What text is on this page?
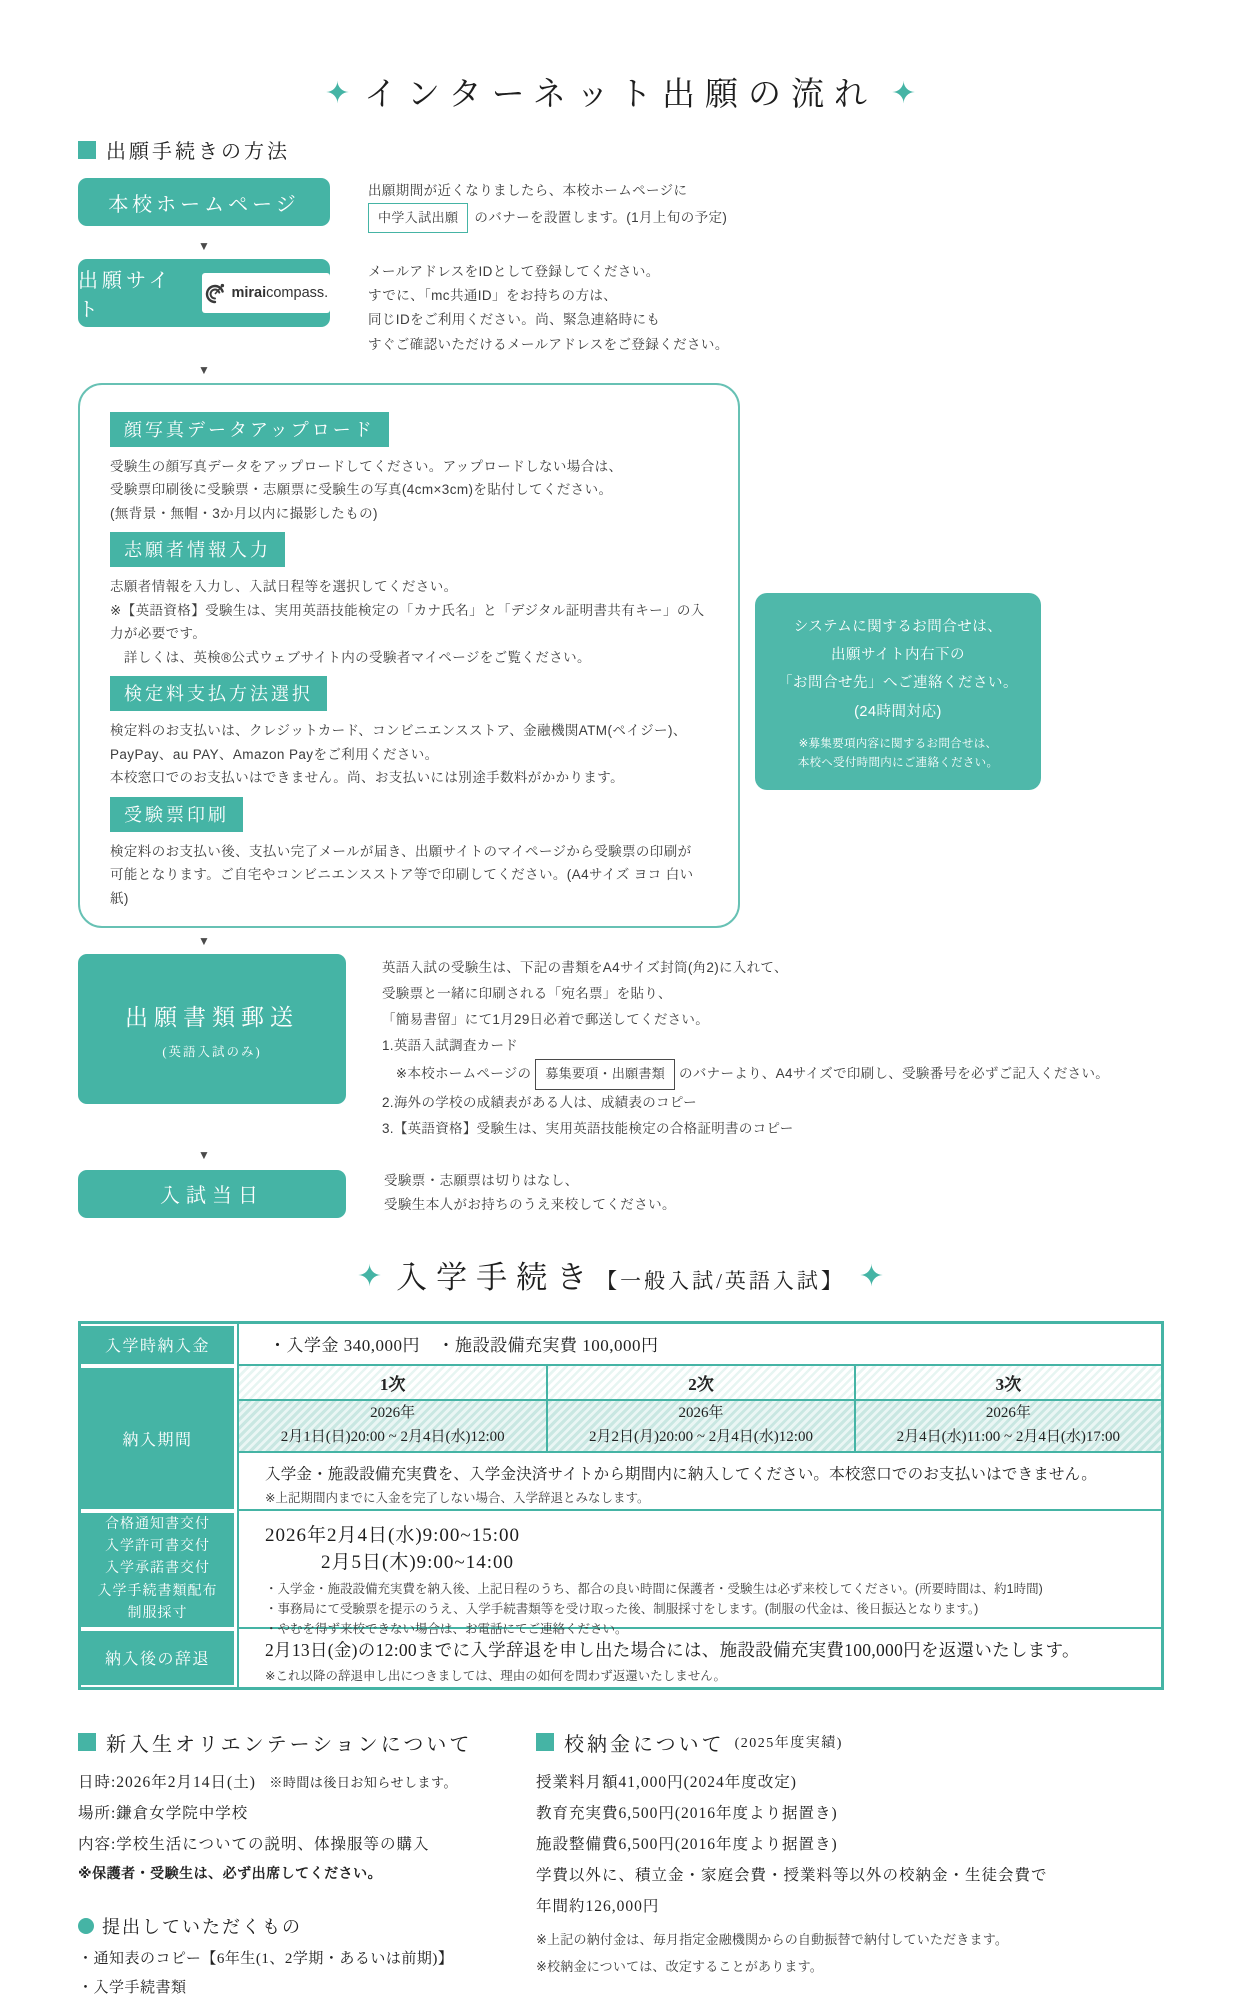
✦ インターネット出願の流れ ✦
出願手続きの方法
本校ホームページ
出願期間が近くなりましたら、本校ホームページに
中学入試出願 のバナーを設置します。(1月上旬の予定)
▼
出願サイト
miraicompass.
メールアドレスをIDとして登録してください。
すでに、「mc共通ID」をお持ちの方は、
同じIDをご利用ください。尚、緊急連絡時にも
すぐご確認いただけるメールアドレスをご登録ください。
▼
顔写真データアップロード
受験生の顔写真データをアップロードしてください。アップロードしない場合は、
受験票印刷後に受験票・志願票に受験生の写真(4cm×3cm)を貼付してください。
(無背景・無帽・3か月以内に撮影したもの)
志願者情報入力
志願者情報を入力し、入試日程等を選択してください。
※【英語資格】受験生は、実用英語技能検定の「カナ氏名」と「デジタル証明書共有キー」の入力が必要です。
　詳しくは、英検®公式ウェブサイト内の受験者マイページをご覧ください。
検定料支払方法選択
検定料のお支払いは、クレジットカード、コンビニエンスストア、金融機関ATM(ペイジー)、
PayPay、au PAY、Amazon Payをご利用ください。
本校窓口でのお支払いはできません。尚、お支払いには別途手数料がかかります。
受験票印刷
検定料のお支払い後、支払い完了メールが届き、出願サイトのマイページから受験票の印刷が
可能となります。ご自宅やコンビニエンスストア等で印刷してください。(A4サイズ ヨコ 白い紙)
システムに関するお問合せは、
出願サイト内右下の
「お問合せ先」へご連絡ください。
(24時間対応)
※募集要項内容に関するお問合せは、
本校へ受付時間内にご連絡ください。
▼
出願書類郵送
(英語入試のみ)
英語入試の受験生は、下記の書類をA4サイズ封筒(角2)に入れて、
受験票と一緒に印刷される「宛名票」を貼り、
「簡易書留」にて1月29日必着で郵送してください。
1.英語入試調査カード
　※本校ホームページの 募集要項・出願書類 のバナーより、A4サイズで印刷し、受験番号を必ずご記入ください。
2.海外の学校の成績表がある人は、成績表のコピー
3.【英語資格】受験生は、実用英語技能検定の合格証明書のコピー
▼
入試当日
受験票・志願票は切りはなし、
受験生本人がお持ちのうえ来校してください。
✦ 入学手続き【一般入試/英語入試】 ✦
入学時納入金
納入期間
合格通知書交付
入学許可書交付
入学承諾書交付
入学手続書類配布
制服採寸
納入後の辞退
・入学金 340,000円　・施設設備充実費 100,000円
1次	2次	3次
2026年
2月1日(日)20:00 ~ 2月4日(水)12:00
2026年
2月2日(月)20:00 ~ 2月4日(水)12:00
2026年
2月4日(水)11:00 ~ 2月4日(水)17:00
入学金・施設設備充実費を、入学金決済サイトから期間内に納入してください。本校窓口でのお支払いはできません。
※上記期間内までに入金を完了しない場合、入学辞退とみなします。
2026年2月4日(水)9:00~15:00
2月5日(木)9:00~14:00
・入学金・施設設備充実費を納入後、上記日程のうち、都合の良い時間に保護者・受験生は必ず来校してください。(所要時間は、約1時間)
・事務局にて受験票を提示のうえ、入学手続書類等を受け取った後、制服採寸をします。(制服の代金は、後日振込となります。)
・やむを得ず来校できない場合は、お電話にてご連絡ください。
2月13日(金)の12:00までに入学辞退を申し出た場合には、施設設備充実費100,000円を返還いたします。
※これ以降の辞退申し出につきましては、理由の如何を問わず返還いたしません。
新入生オリエンテーションについて
日時:2026年2月14日(土)　※時間は後日お知らせします。
場所:鎌倉女学院中学校
内容:学校生活についての説明、体操服等の購入
※保護者・受験生は、必ず出席してください。
提出していただくもの
・通知表のコピー【6年生(1、2学期・あるいは前期)】
・入学手続書類
校納金について (2025年度実績)
授業料月額41,000円(2024年度改定)
教育充実費6,500円(2016年度より据置き)
施設整備費6,500円(2016年度より据置き)
学費以外に、積立金・家庭会費・授業料等以外の校納金・生徒会費で
年間約126,000円
※上記の納付金は、毎月指定金融機関からの自動振替で納付していただきます。
※校納金については、改定することがあります。
